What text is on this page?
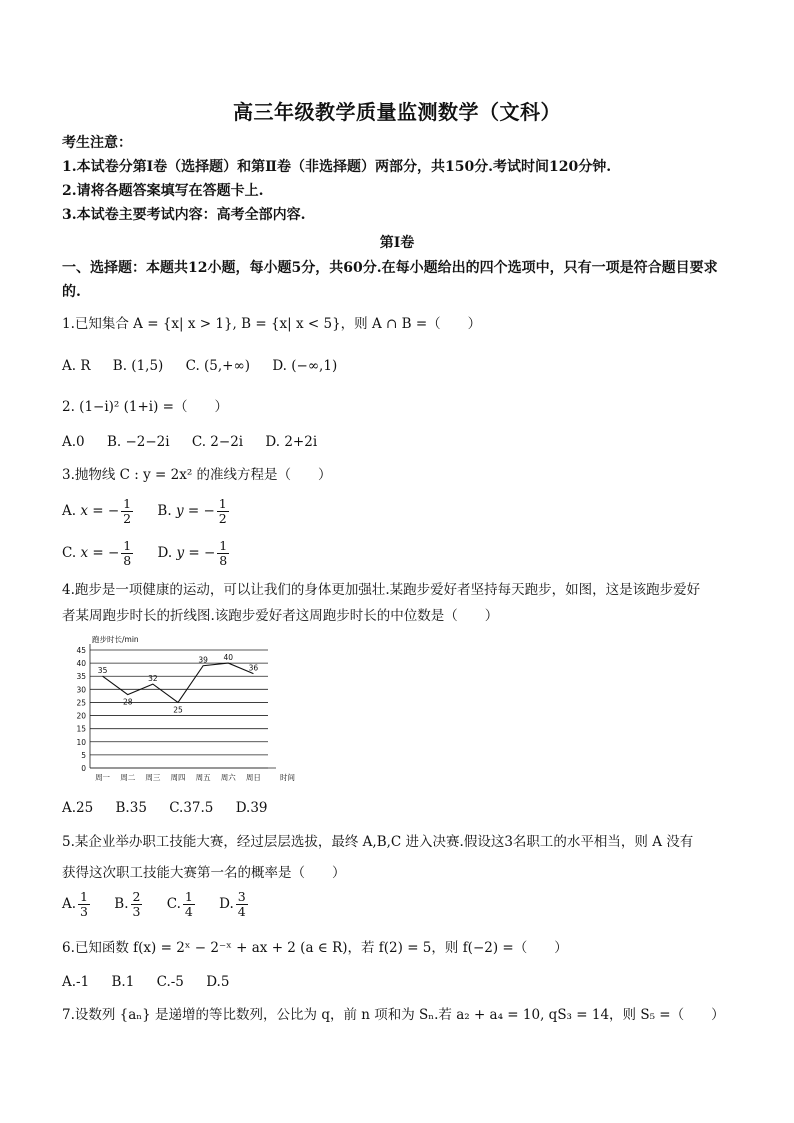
高三年级教学质量监测数学（文科）
考生注意：
1.本试卷分第Ⅰ卷（选择题）和第Ⅱ卷（非选择题）两部分，共150分.考试时间120分钟.
2.请将各题答案填写在答题卡上.
3.本试卷主要考试内容：高考全部内容.
第Ⅰ卷
一、选择题：本题共12小题，每小题5分，共60分.在每小题给出的四个选项中，只有一项是符合题目要求的.
1.已知集合 A = {x| x > 1}, B = {x| x < 5}，则 A ∩ B =（　　）
A. R B. (1,5) C. (5,+∞) D. (−∞,1)
2. (1−i)² (1+i) =（　　）
A.0 B. −2−2i C. 2−2i D. 2+2i
3.抛物线 C : y = 2x² 的准线方程是（　　）
A. x = − $\frac{1}{2} B$. y = − $\frac{1}{2}$
C. x = − $\frac{1}{8} D$. y = − $\frac{1}{8}$
4.跑步是一项健康的运动，可以让我们的身体更加强壮.某跑步爱好者坚持每天跑步，如图，这是该跑步爱好
者某周跑步时长的折线图.该跑步爱好者这周跑步时长的中位数是（　　）
0
5
10
15
20
25
30
35
40
45
周一 周二 周三 周四 周五 周六 周日
35
28
32
25
39 40
36
跑步时长/min
时间
A.25 B.35 C.37.5 D.39
5.某企业举办职工技能大赛，经过层层选拔，最终 A,B,C 进入决赛.假设这3名职工的水平相当，则 A 没有
获得这次职工技能大赛第一名的概率是（　　）
A. $\frac{1}{3} B$. $\frac{2}{3} C$. $\frac{1}{4} D$. $\frac{3}{4}$
6.已知函数 f(x) = 2ˣ − 2⁻ˣ + ax + 2 (a ∈ R)，若 f(2) = 5，则 f(−2) =（　　）
A.-1 B.1 C.-5 D.5
7.设数列 {aₙ} 是递增的等比数列，公比为 q，前 n 项和为 Sₙ.若 a₂ + a₄ = 10, qS₃ = 14，则 S₅ =（　　）
